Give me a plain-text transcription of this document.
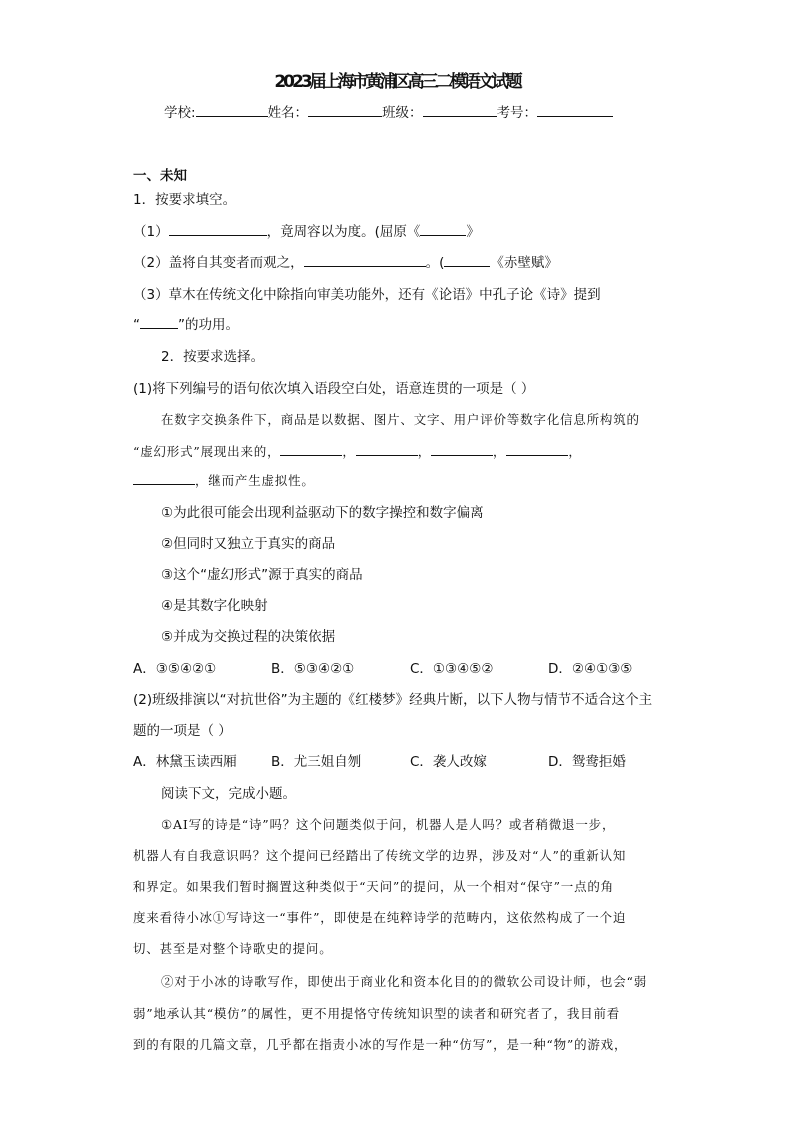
2023届上海市黄浦区高三二模语文试题
学校:	姓名：	班级：	考号：
一、未知
1．按要求填空。
（1）	，竟周容以为度。(屈原《	》
（2）盖将自其变者而观之，	。(	《赤壁赋》
（3）草木在传统文化中除指向审美功能外，还有《论语》中孔子论《诗》提到
“	”的功用。
2．按要求选择。
(1)将下列编号的语句依次填入语段空白处，语意连贯的一项是（ ）
在数字交换条件下，商品是以数据、图片、文字、用户评价等数字化信息所构筑的
“虚幻形式”展现出来的，	，	，	，	，
，继而产生虚拟性。
①为此很可能会出现利益驱动下的数字操控和数字偏离
②但同时又独立于真实的商品
③这个“虚幻形式”源于真实的商品
④是其数字化映射
⑤并成为交换过程的决策依据
A．③⑤④②①	B．⑤③④②①	C．①③④⑤②	D．②④①③⑤
(2)班级排演以“对抗世俗”为主题的《红楼梦》经典片断，以下人物与情节不适合这个主
题的一项是（ ）
A．林黛玉读西厢	B．尤三姐自刎	C．袭人改嫁	D．鸳鸯拒婚
阅读下文，完成小题。
①AI写的诗是“诗”吗？这个问题类似于问，机器人是人吗？或者稍微退一步，
机器人有自我意识吗？这个提问已经踏出了传统文学的边界，涉及对“人”的重新认知
和界定。如果我们暂时搁置这种类似于“天问”的提问，从一个相对“保守”一点的角
度来看待小冰①写诗这一“事件”，即使是在纯粹诗学的范畴内，这依然构成了一个迫
切、甚至是对整个诗歌史的提问。
②对于小冰的诗歌写作，即使出于商业化和资本化目的的微软公司设计师，也会“弱
弱”地承认其“模仿”的属性，更不用提恪守传统知识型的读者和研究者了，我目前看
到的有限的几篇文章，几乎都在指责小冰的写作是一种“仿写”，是一种“物”的游戏，
